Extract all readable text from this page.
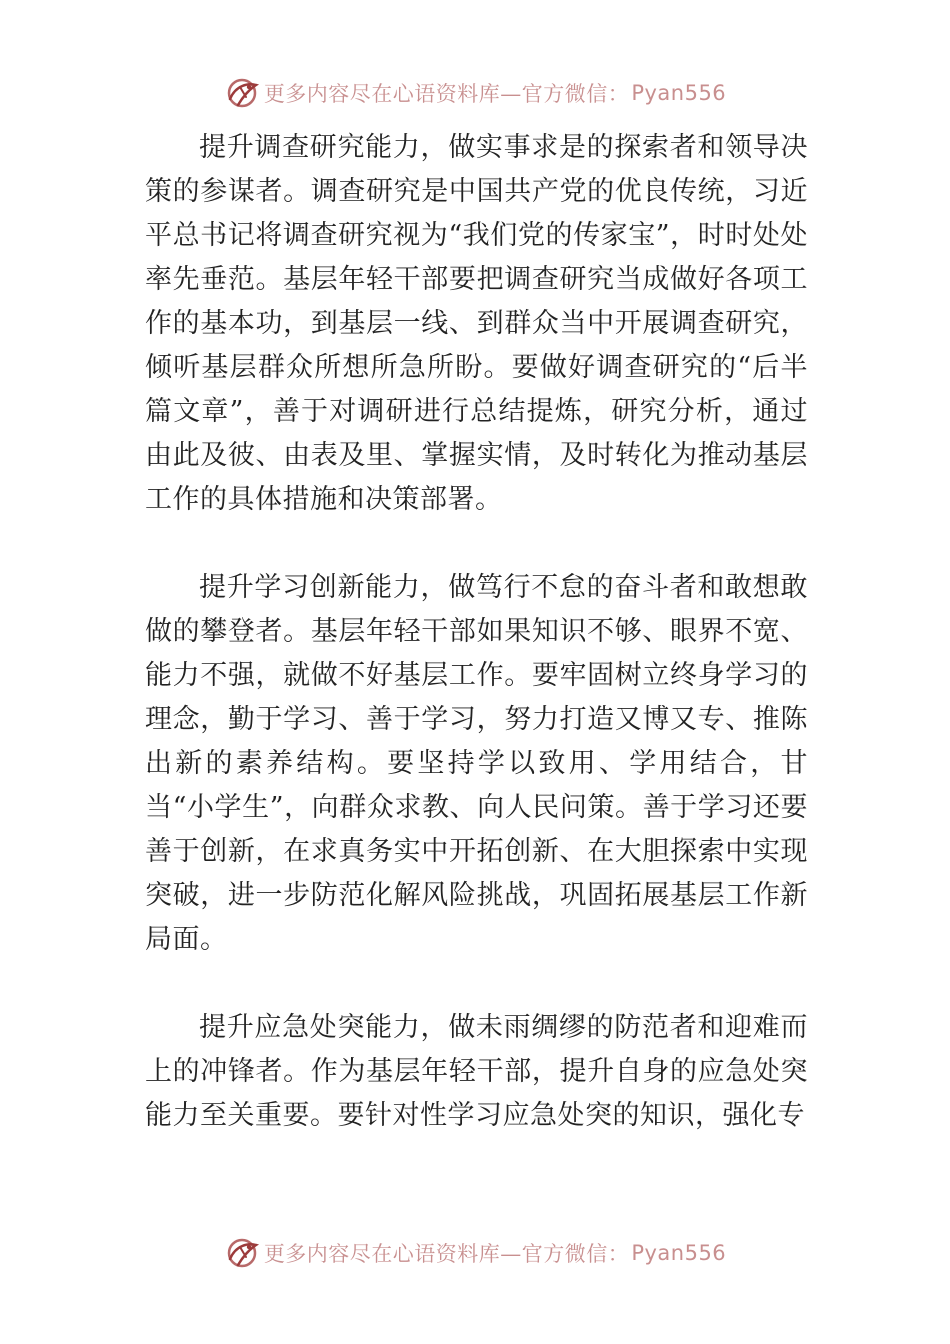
更多内容尽在心语资料库—官方微信： Pyan556

提升调查研究能力，做实事求是的探索者和领导决策的参谋者。调查研究是中国共产党的优良传统，习近平总书记将调查研究视为“我们党的传家宝”，时时处处率先垂范。基层年轻干部要把调查研究当成做好各项工作的基本功，到基层一线、到群众当中开展调查研究，倾听基层群众所想所急所盼。要做好调查研究的“后半篇文章”，善于对调研进行总结提炼，研究分析，通过由此及彼、由表及里、掌握实情，及时转化为推动基层工作的具体措施和决策部署。

提升学习创新能力，做笃行不怠的奋斗者和敢想敢做的攀登者。基层年轻干部如果知识不够、眼界不宽、能力不强，就做不好基层工作。要牢固树立终身学习的理念，勤于学习、善于学习，努力打造又博又专、推陈出新的素养结构。要坚持学以致用、学用结合，甘当“小学生”，向群众求教、向人民问策。善于学习还要善于创新，在求真务实中开拓创新、在大胆探索中实现突破，进一步防范化解风险挑战，巩固拓展基层工作新局面。

提升应急处突能力，做未雨绸缪的防范者和迎难而上的冲锋者。作为基层年轻干部，提升自身的应急处突能力至关重要。要针对性学习应急处突的知识，强化专

更多内容尽在心语资料库—官方微信： Pyan556
